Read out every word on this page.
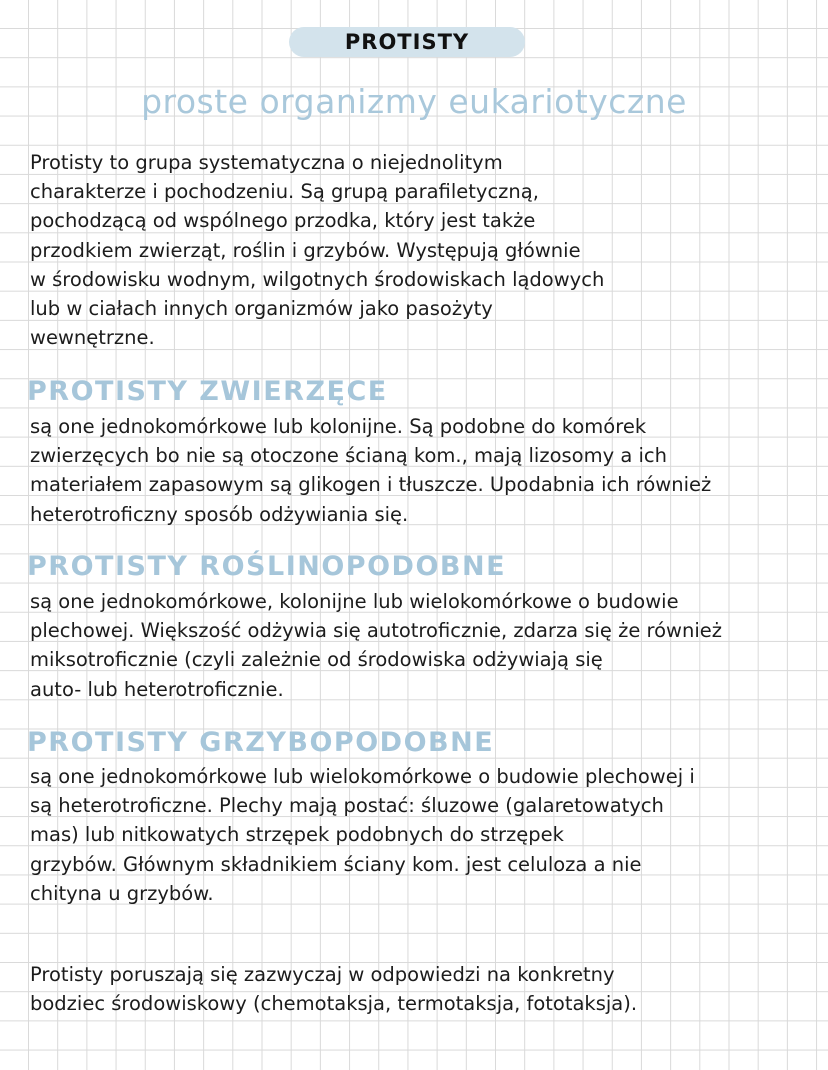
PROTISTY
proste organizmy eukariotyczne
Protisty to grupa systematyczna o niejednolitym
charakterze i pochodzeniu. Są grupą parafiletyczną,
pochodzącą od wspólnego przodka, który jest także
przodkiem zwierząt, roślin i grzybów. Występują głównie
w środowisku wodnym, wilgotnych środowiskach lądowych
lub w ciałach innych organizmów jako pasożyty
wewnętrzne.
PROTISTY ZWIERZĘCE
są one jednokomórkowe lub kolonijne. Są podobne do komórek
zwierzęcych bo nie są otoczone ścianą kom., mają lizosomy a ich
materiałem zapasowym są glikogen i tłuszcze. Upodabnia ich również
heterotroficzny sposób odżywiania się.
PROTISTY ROŚLINOPODOBNE
są one jednokomórkowe, kolonijne lub wielokomórkowe o budowie
plechowej. Większość odżywia się autotroficznie, zdarza się że również
miksotroficznie (czyli zależnie od środowiska odżywiają się
auto- lub heterotroficznie.
PROTISTY GRZYBOPODOBNE
są one jednokomórkowe lub wielokomórkowe o budowie plechowej i
są heterotroficzne. Plechy mają postać: śluzowe (galaretowatych
mas) lub nitkowatych strzępek podobnych do strzępek
grzybów. Głównym składnikiem ściany kom. jest celuloza a nie
chityna u grzybów.
Protisty poruszają się zazwyczaj w odpowiedzi na konkretny
bodziec środowiskowy (chemotaksja, termotaksja, fototaksja).
